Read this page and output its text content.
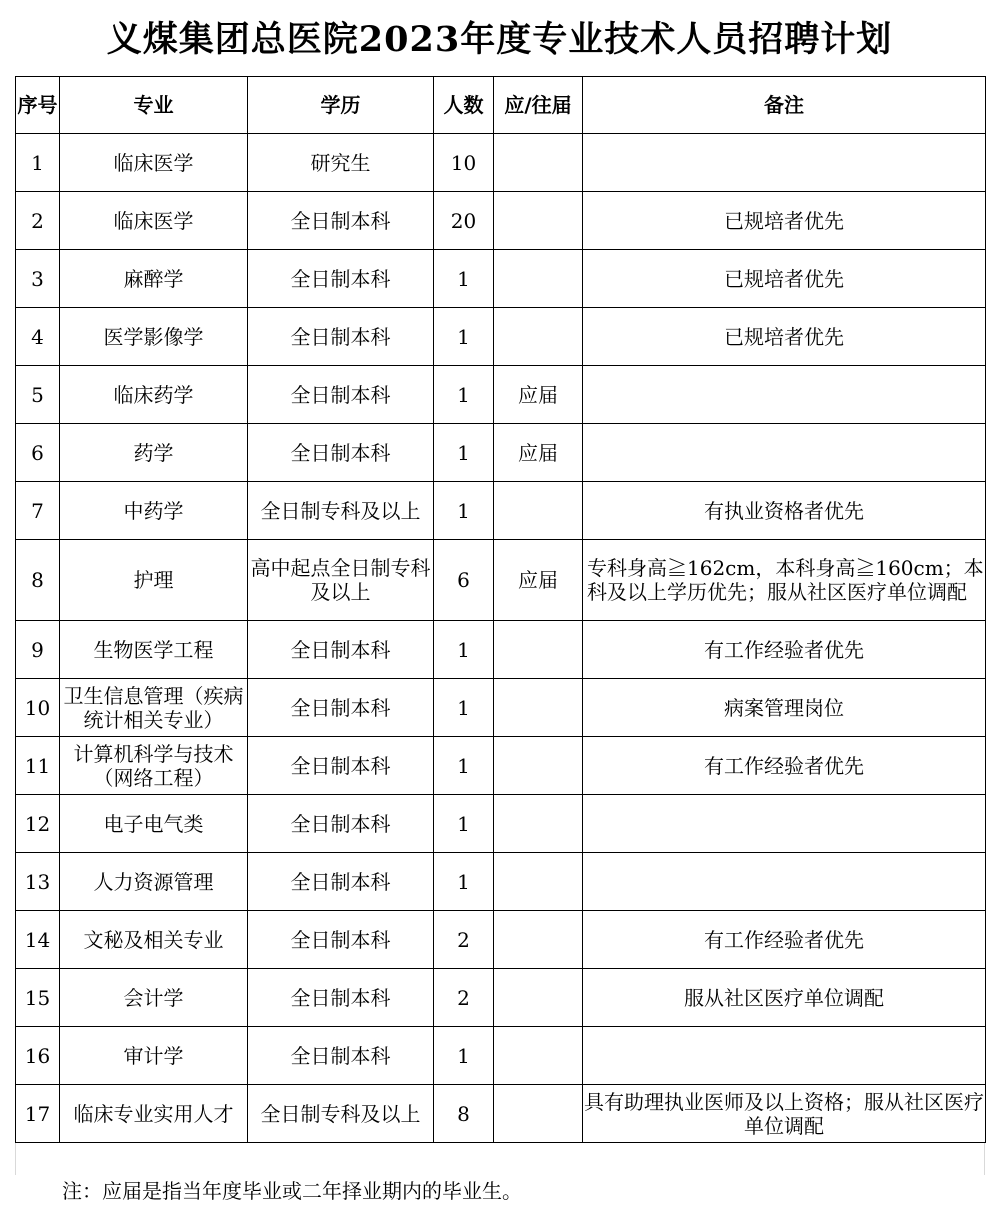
义煤集团总医院2023年度专业技术人员招聘计划
序号	专业	学历	人数	应/往届	备注
1	临床医学	研究生	10		
2	临床医学	全日制本科	20		已规培者优先
3	麻醉学	全日制本科	1		已规培者优先
4	医学影像学	全日制本科	1		已规培者优先
5	临床药学	全日制本科	1	应届	
6	药学	全日制本科	1	应届	
7	中药学	全日制专科及以上	1		有执业资格者优先
8	护理	高中起点全日制专科及以上	6	应届	专科身高≧162cm，本科身高≧160cm；本科及以上学历优先；服从社区医疗单位调配
9	生物医学工程	全日制本科	1		有工作经验者优先
10	卫生信息管理（疾病统计相关专业）	全日制本科	1		病案管理岗位
11	计算机科学与技术（网络工程）	全日制本科	1		有工作经验者优先
12	电子电气类	全日制本科	1		
13	人力资源管理	全日制本科	1		
14	文秘及相关专业	全日制本科	2		有工作经验者优先
15	会计学	全日制本科	2		服从社区医疗单位调配
16	审计学	全日制本科	1		
17	临床专业实用人才	全日制专科及以上	8		具有助理执业医师及以上资格；服从社区医疗单位调配
注：应届是指当年度毕业或二年择业期内的毕业生。
